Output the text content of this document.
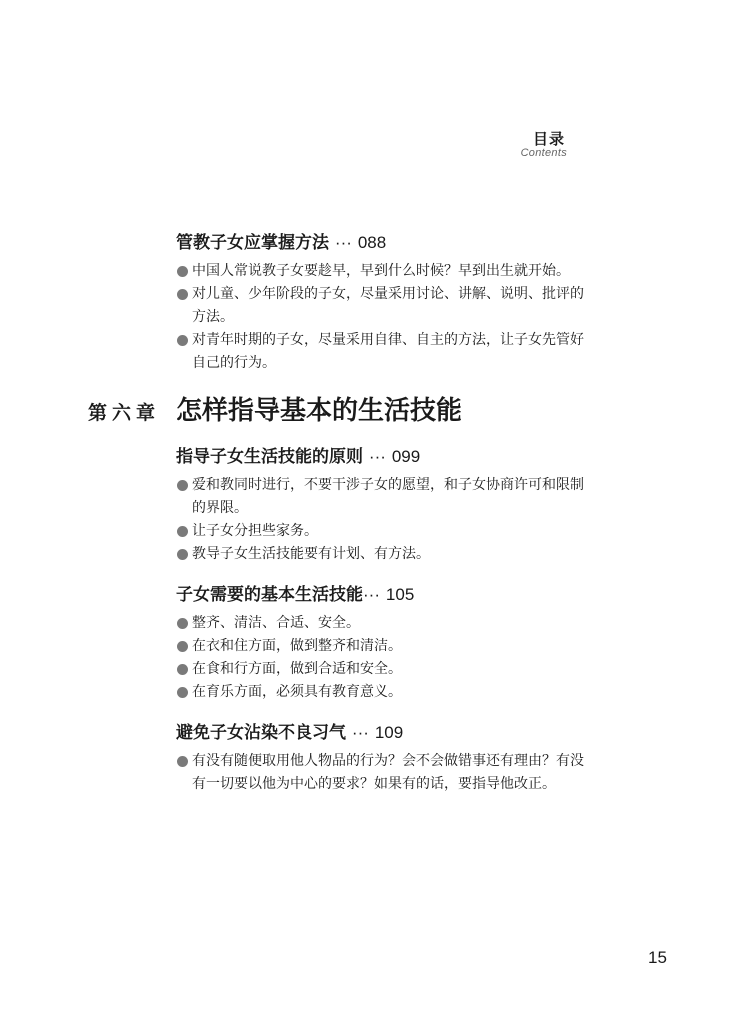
目录
Contents
管教子女应掌握方法 ··· 088
中国人常说教子女要趁早，早到什么时候？早到出生就开始。
对儿童、少年阶段的子女，尽量采用讨论、讲解、说明、批评的方法。
对青年时期的子女，尽量采用自律、自主的方法，让子女先管好自己的行为。
第六章 怎样指导基本的生活技能
指导子女生活技能的原则 ··· 099
爱和教同时进行，不要干涉子女的愿望，和子女协商许可和限制的界限。
让子女分担些家务。
教导子女生活技能要有计划、有方法。
子女需要的基本生活技能··· 105
整齐、清洁、合适、安全。
在衣和住方面，做到整齐和清洁。
在食和行方面，做到合适和安全。
在育乐方面，必须具有教育意义。
避免子女沾染不良习气 ··· 109
有没有随便取用他人物品的行为？会不会做错事还有理由？有没有一切要以他为中心的要求？如果有的话，要指导他改正。
15
